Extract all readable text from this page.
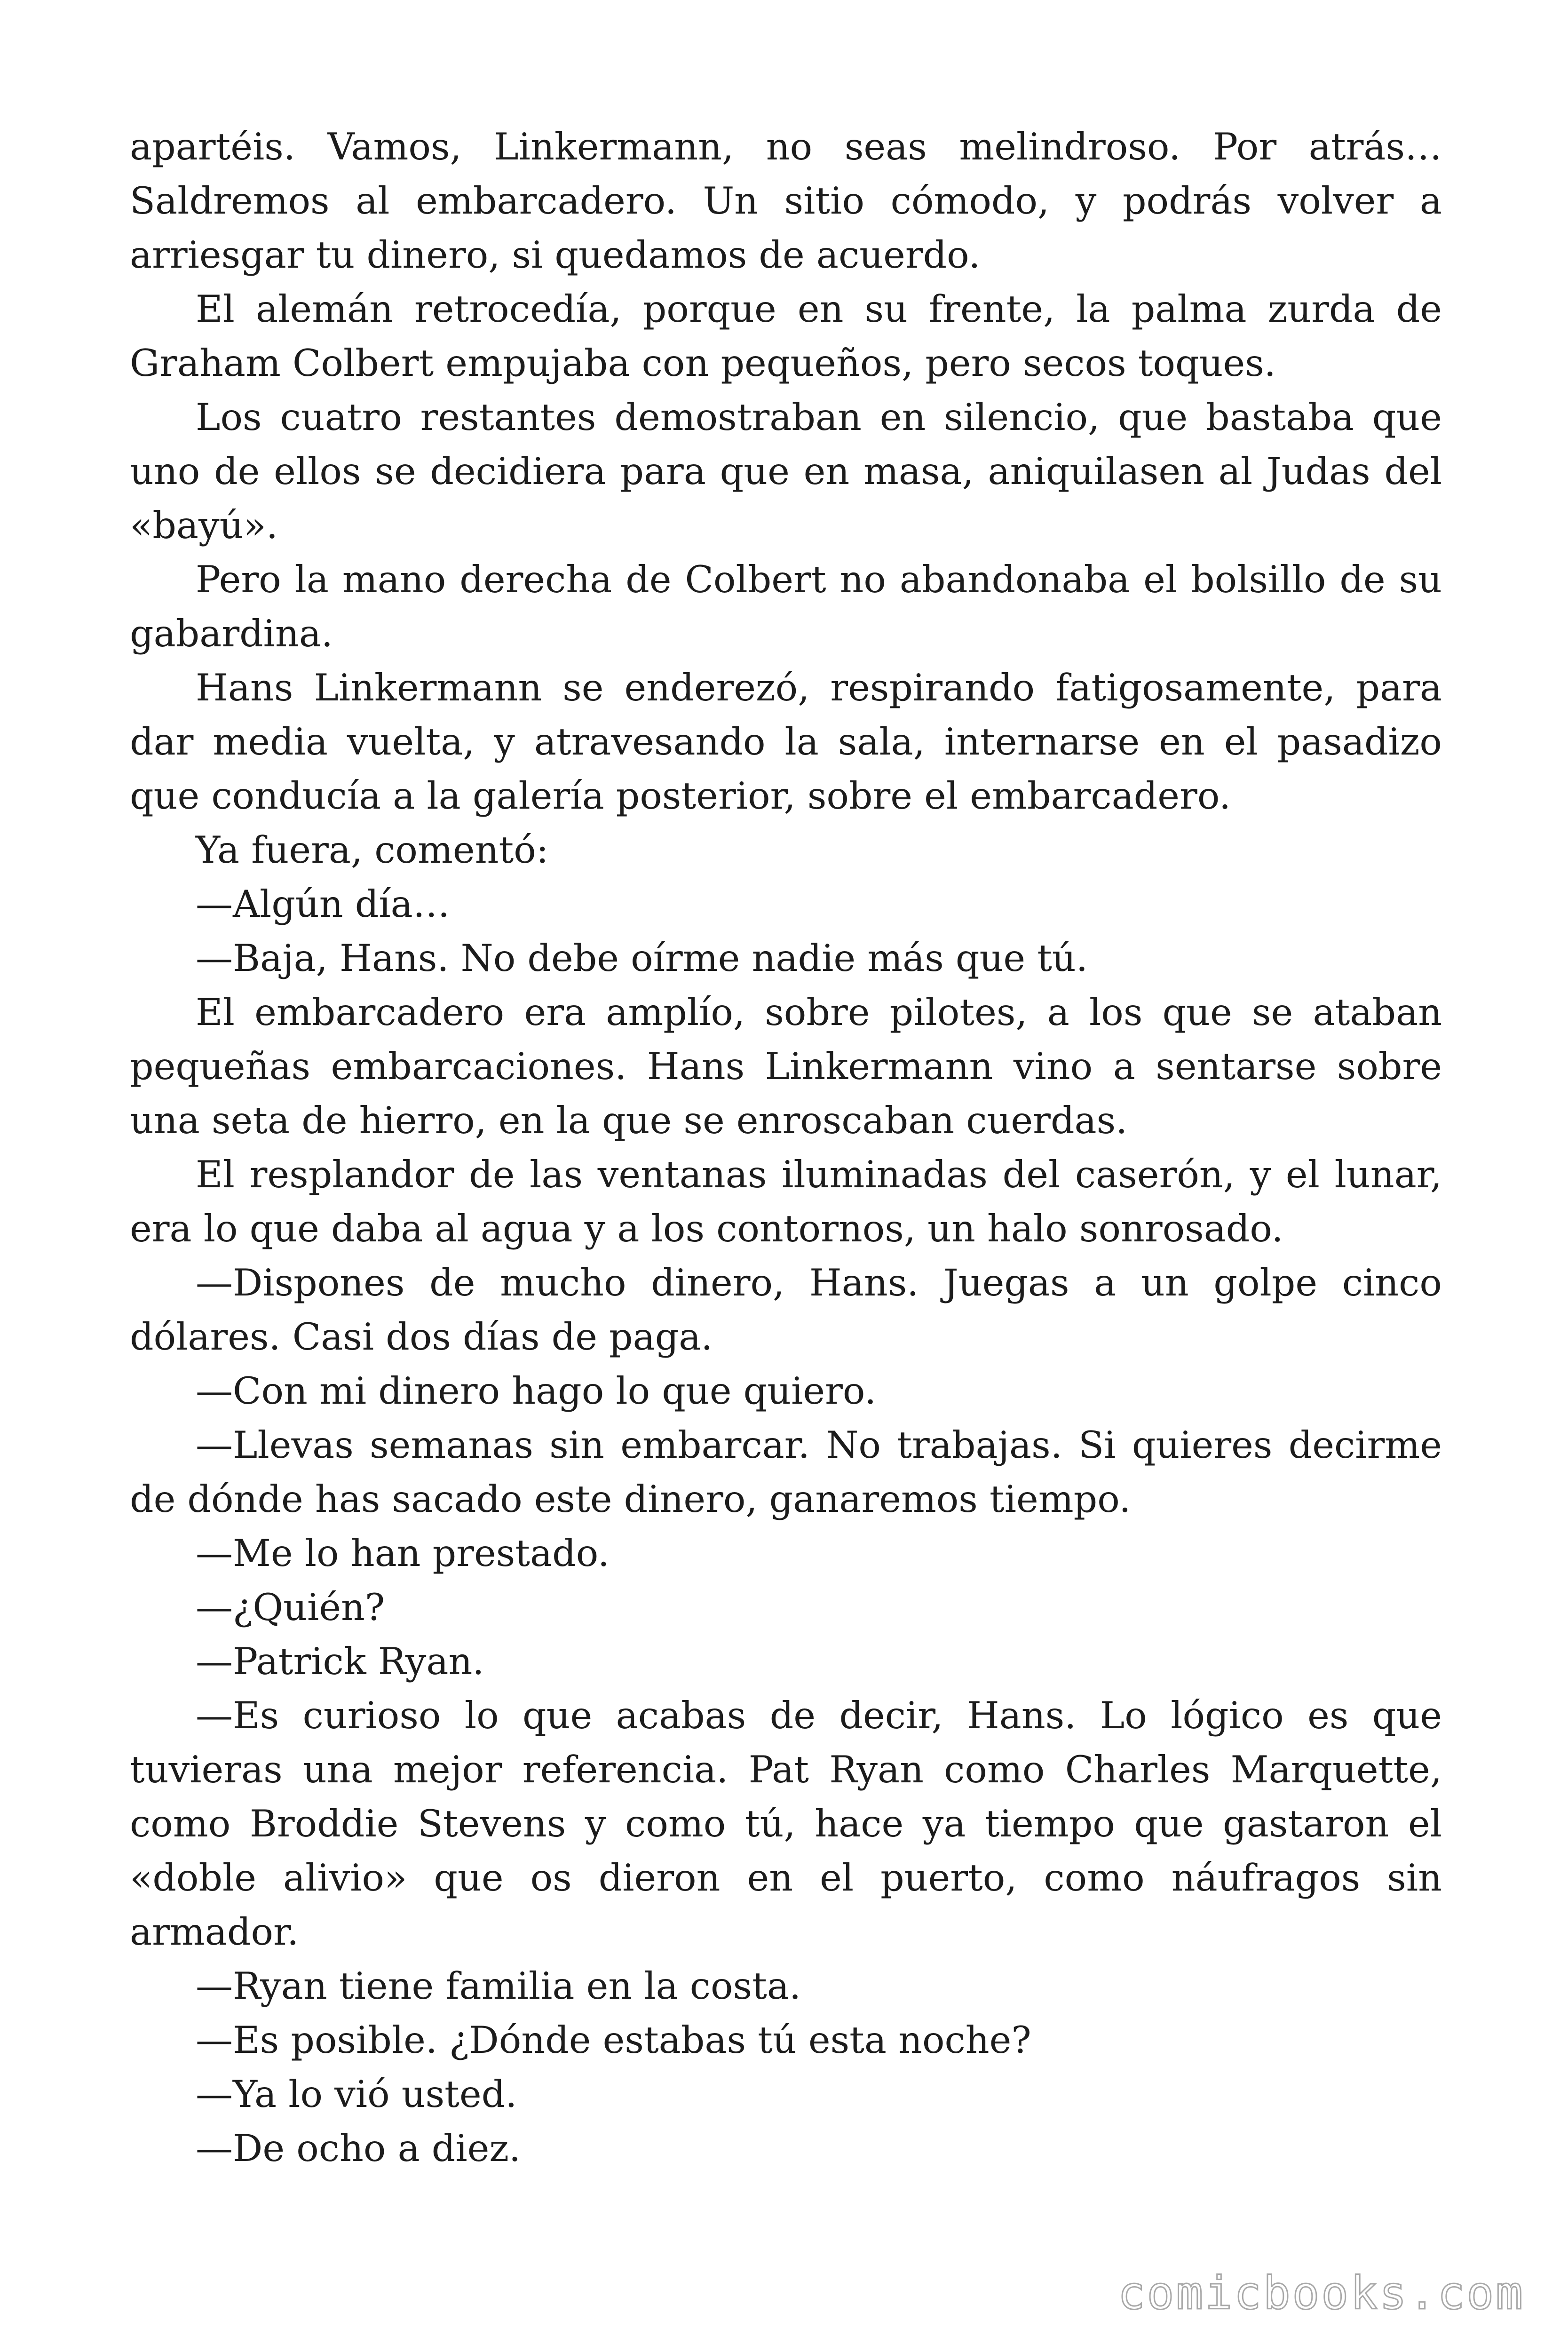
apartéis. Vamos, Linkermann, no seas melindroso. Por atrás… Saldremos al embarcadero. Un sitio cómodo, y podrás volver a arriesgar tu dinero, si quedamos de acuerdo.

El alemán retrocedía, porque en su frente, la palma zurda de Graham Colbert empujaba con pequeños, pero secos toques.

Los cuatro restantes demostraban en silencio, que bastaba que uno de ellos se decidiera para que en masa, aniquilasen al Judas del «bayú».

Pero la mano derecha de Colbert no abandonaba el bolsillo de su gabardina.

Hans Linkermann se enderezó, respirando fatigosamente, para dar media vuelta, y atravesando la sala, internarse en el pasadizo que conducía a la galería posterior, sobre el embarcadero.

Ya fuera, comentó:

—Algún día…

—Baja, Hans. No debe oírme nadie más que tú.

El embarcadero era amplío, sobre pilotes, a los que se ataban pequeñas embarcaciones. Hans Linkermann vino a sentarse sobre una seta de hierro, en la que se enroscaban cuerdas.

El resplandor de las ventanas iluminadas del caserón, y el lunar, era lo que daba al agua y a los contornos, un halo sonrosado.

—Dispones de mucho dinero, Hans. Juegas a un golpe cinco dólares. Casi dos días de paga.

—Con mi dinero hago lo que quiero.

—Llevas semanas sin embarcar. No trabajas. Si quieres decirme de dónde has sacado este dinero, ganaremos tiempo.

—Me lo han prestado.

—¿Quién?

—Patrick Ryan.

—Es curioso lo que acabas de decir, Hans. Lo lógico es que tuvieras una mejor referencia. Pat Ryan como Charles Marquette, como Broddie Stevens y como tú, hace ya tiempo que gastaron el «doble alivio» que os dieron en el puerto, como náufragos sin armador.

—Ryan tiene familia en la costa.

—Es posible. ¿Dónde estabas tú esta noche?

—Ya lo vió usted.

—De ocho a diez.

comicbooks.com
